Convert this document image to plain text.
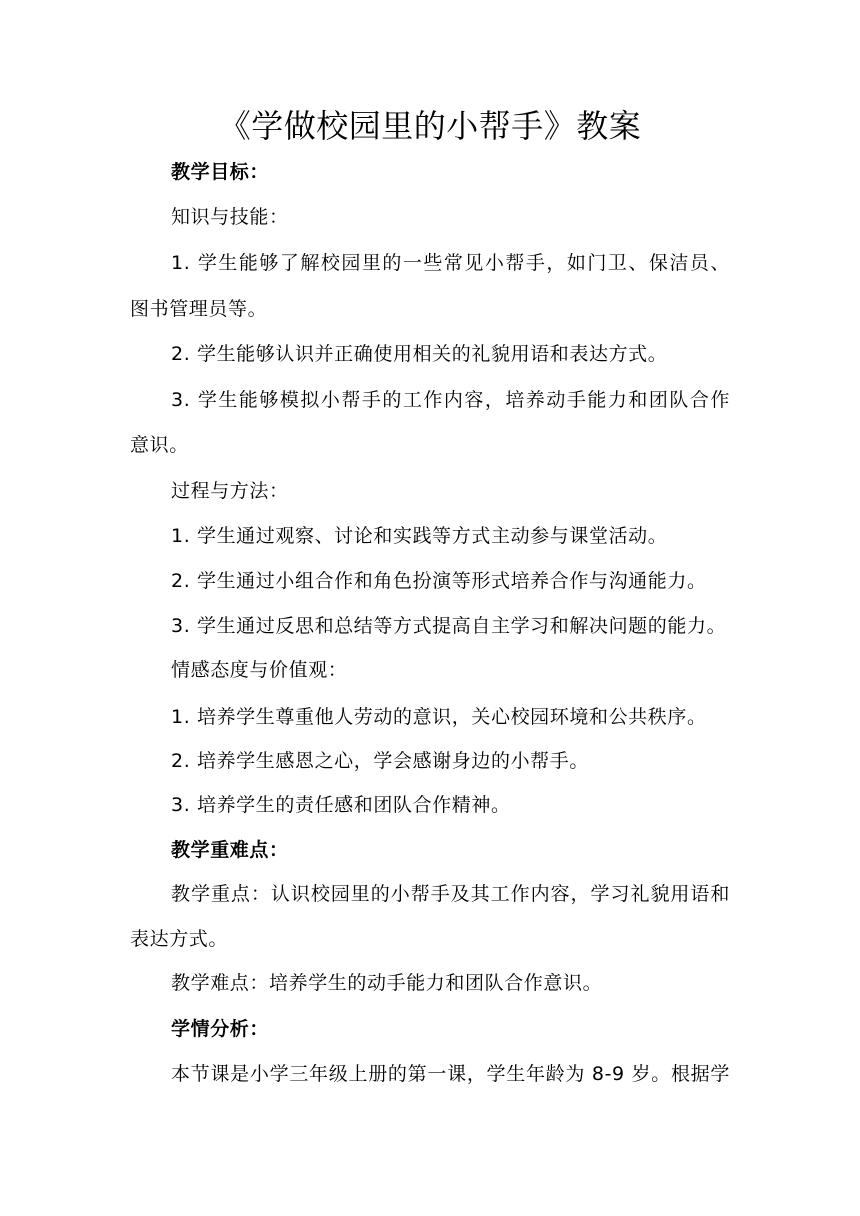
《学做校园里的小帮手》教案
教学目标：
知识与技能：
1. 学生能够了解校园里的一些常见小帮手，如门卫、保洁员、
图书管理员等。
2. 学生能够认识并正确使用相关的礼貌用语和表达方式。
3. 学生能够模拟小帮手的工作内容，培养动手能力和团队合作
意识。
过程与方法：
1. 学生通过观察、讨论和实践等方式主动参与课堂活动。
2. 学生通过小组合作和角色扮演等形式培养合作与沟通能力。
3. 学生通过反思和总结等方式提高自主学习和解决问题的能力。
情感态度与价值观：
1. 培养学生尊重他人劳动的意识，关心校园环境和公共秩序。
2. 培养学生感恩之心，学会感谢身边的小帮手。
3. 培养学生的责任感和团队合作精神。
教学重难点：
教学重点：认识校园里的小帮手及其工作内容，学习礼貌用语和
表达方式。
教学难点：培养学生的动手能力和团队合作意识。
学情分析：
本节课是小学三年级上册的第一课，学生年龄为 8-9 岁。根据学
